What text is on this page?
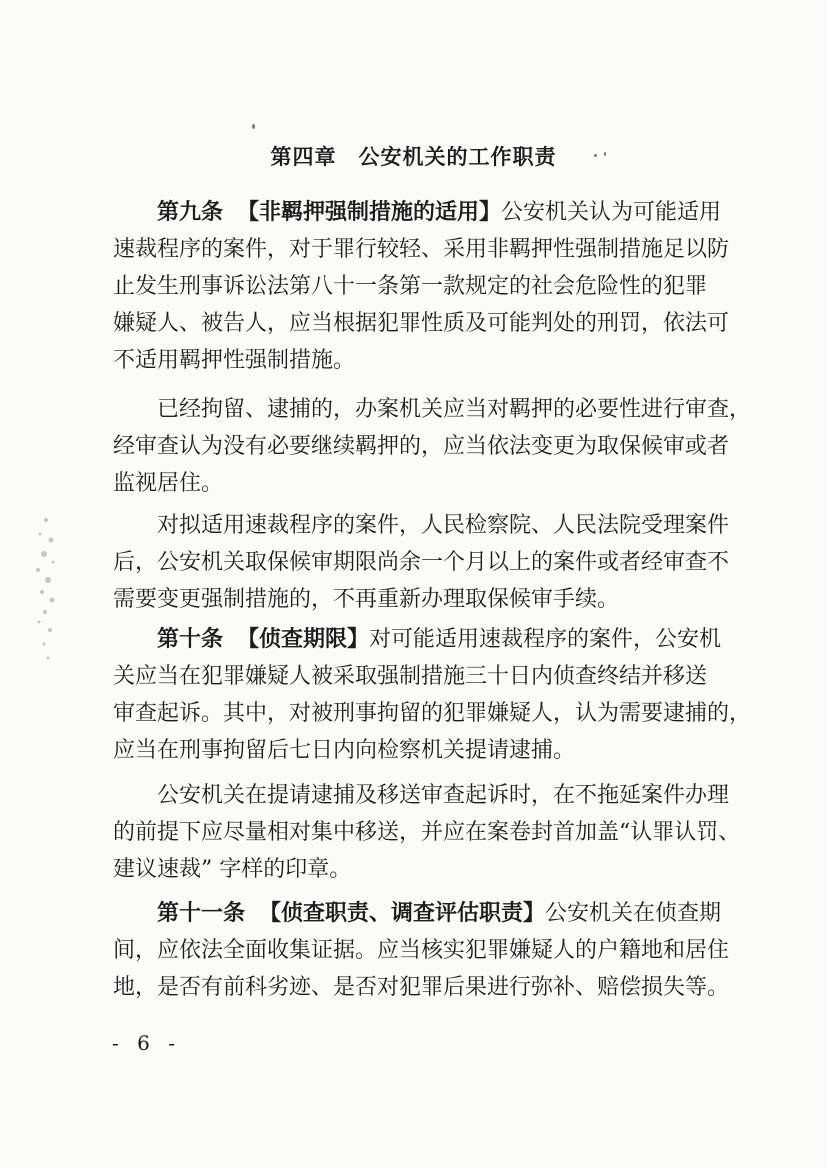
第四章 公安机关的工作职责
第九条 【非羁押强制措施的适用】公安机关认为可能适用
速裁程序的案件，对于罪行较轻、采用非羁押性强制措施足以防
止发生刑事诉讼法第八十一条第一款规定的社会危险性的犯罪
嫌疑人、被告人，应当根据犯罪性质及可能判处的刑罚，依法可
不适用羁押性强制措施。
已经拘留、逮捕的，办案机关应当对羁押的必要性进行审查，
经审查认为没有必要继续羁押的，应当依法变更为取保候审或者
监视居住。
对拟适用速裁程序的案件，人民检察院、人民法院受理案件
后，公安机关取保候审期限尚余一个月以上的案件或者经审查不
需要变更强制措施的，不再重新办理取保候审手续。
第十条 【侦查期限】对可能适用速裁程序的案件，公安机
关应当在犯罪嫌疑人被采取强制措施三十日内侦查终结并移送
审查起诉。其中，对被刑事拘留的犯罪嫌疑人，认为需要逮捕的，
应当在刑事拘留后七日内向检察机关提请逮捕。
公安机关在提请逮捕及移送审查起诉时，在不拖延案件办理
的前提下应尽量相对集中移送，并应在案卷封首加盖“认罪认罚、
建议速裁” 字样的印章。
第十一条 【侦查职责、调查评估职责】公安机关在侦查期
间，应依法全面收集证据。应当核实犯罪嫌疑人的户籍地和居住
地，是否有前科劣迹、是否对犯罪后果进行弥补、赔偿损失等。
- 6 -
